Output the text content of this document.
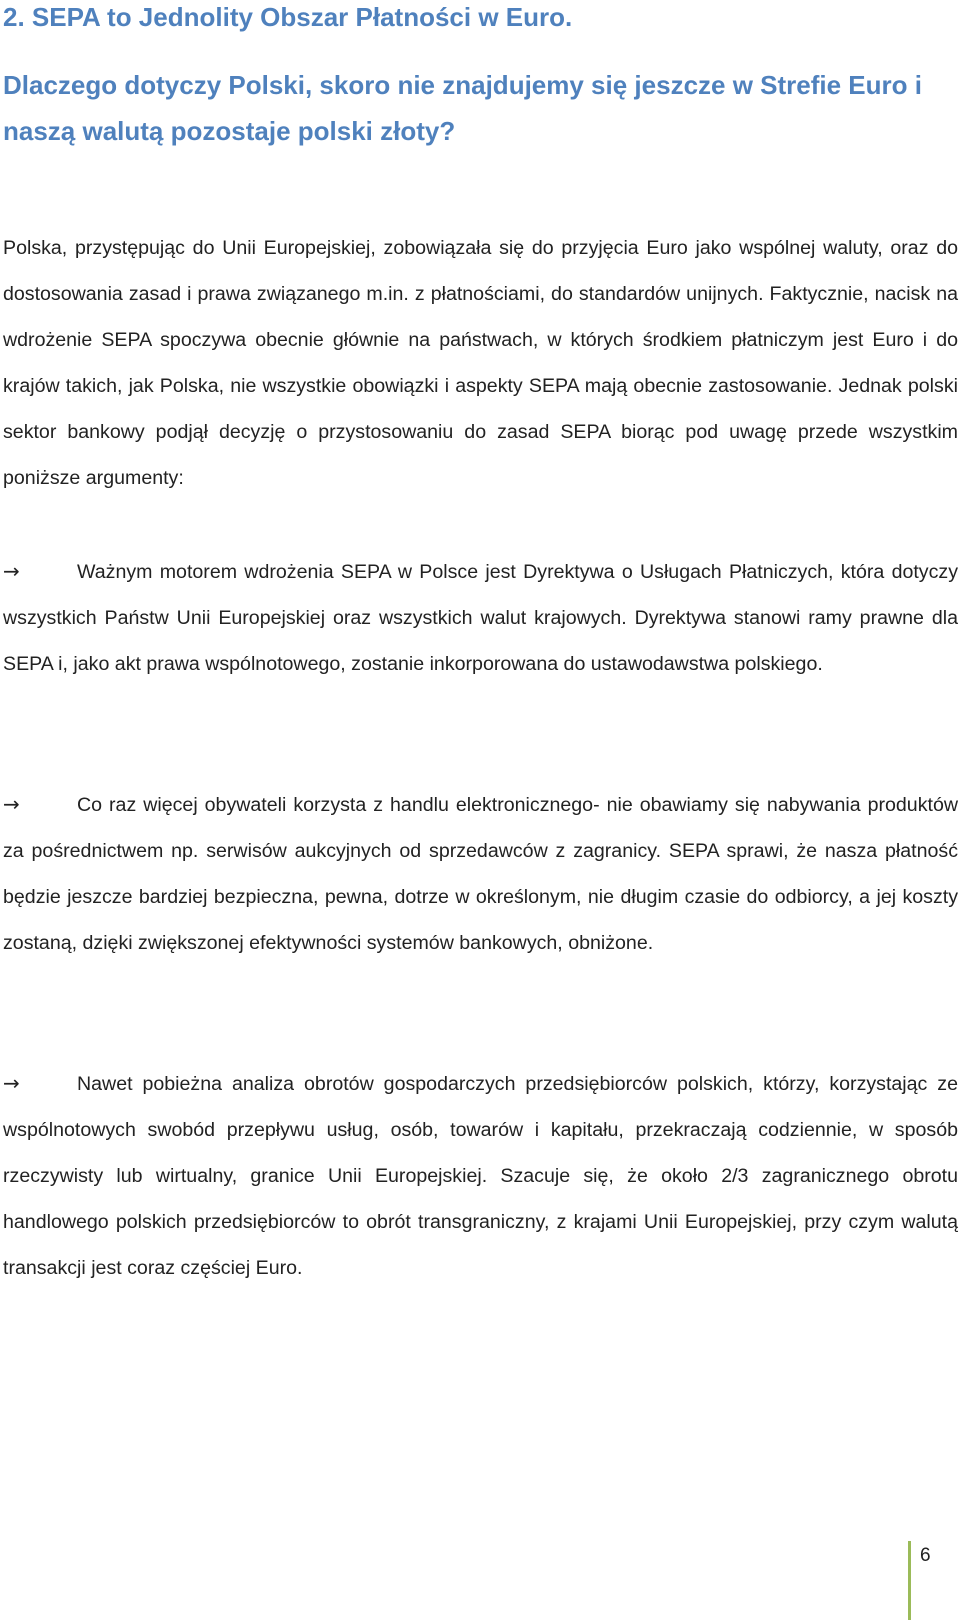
2. SEPA to Jednolity Obszar Płatności w Euro.
Dlaczego dotyczy Polski, skoro nie znajdujemy się jeszcze w Strefie Euro i naszą walutą pozostaje polski złoty?

Polska, przystępując do Unii Europejskiej, zobowiązała się do przyjęcia Euro jako wspólnej waluty, oraz do dostosowania zasad i prawa związanego m.in. z płatnościami, do standardów unijnych. Faktycznie, nacisk na wdrożenie SEPA spoczywa obecnie głównie na państwach, w których środkiem płatniczym jest Euro i do krajów takich, jak Polska, nie wszystkie obowiązki i aspekty SEPA mają obecnie zastosowanie. Jednak polski sektor bankowy podjął decyzję o przystosowaniu do zasad SEPA biorąc pod uwagę przede wszystkim poniższe argumenty:

→	Ważnym motorem wdrożenia SEPA w Polsce jest Dyrektywa o Usługach Płatniczych, która dotyczy wszystkich Państw Unii Europejskiej oraz wszystkich walut krajowych. Dyrektywa stanowi ramy prawne dla SEPA i, jako akt prawa wspólnotowego, zostanie inkorporowana do ustawodawstwa polskiego.

→	Co raz więcej obywateli korzysta z handlu elektronicznego- nie obawiamy się nabywania produktów za pośrednictwem np. serwisów aukcyjnych od sprzedawców z zagranicy. SEPA sprawi, że nasza płatność będzie jeszcze bardziej bezpieczna, pewna, dotrze w określonym, nie długim czasie do odbiorcy, a jej koszty zostaną, dzięki zwiększonej efektywności systemów bankowych, obniżone.

→	Nawet pobieżna analiza obrotów gospodarczych przedsiębiorców polskich, którzy, korzystając ze wspólnotowych swobód przepływu usług, osób, towarów i kapitału, przekraczają codziennie, w sposób rzeczywisty lub wirtualny, granice Unii Europejskiej. Szacuje się, że około 2/3 zagranicznego obrotu handlowego polskich przedsiębiorców to obrót transgraniczny, z krajami Unii Europejskiej, przy czym walutą transakcji jest coraz częściej Euro.

6
